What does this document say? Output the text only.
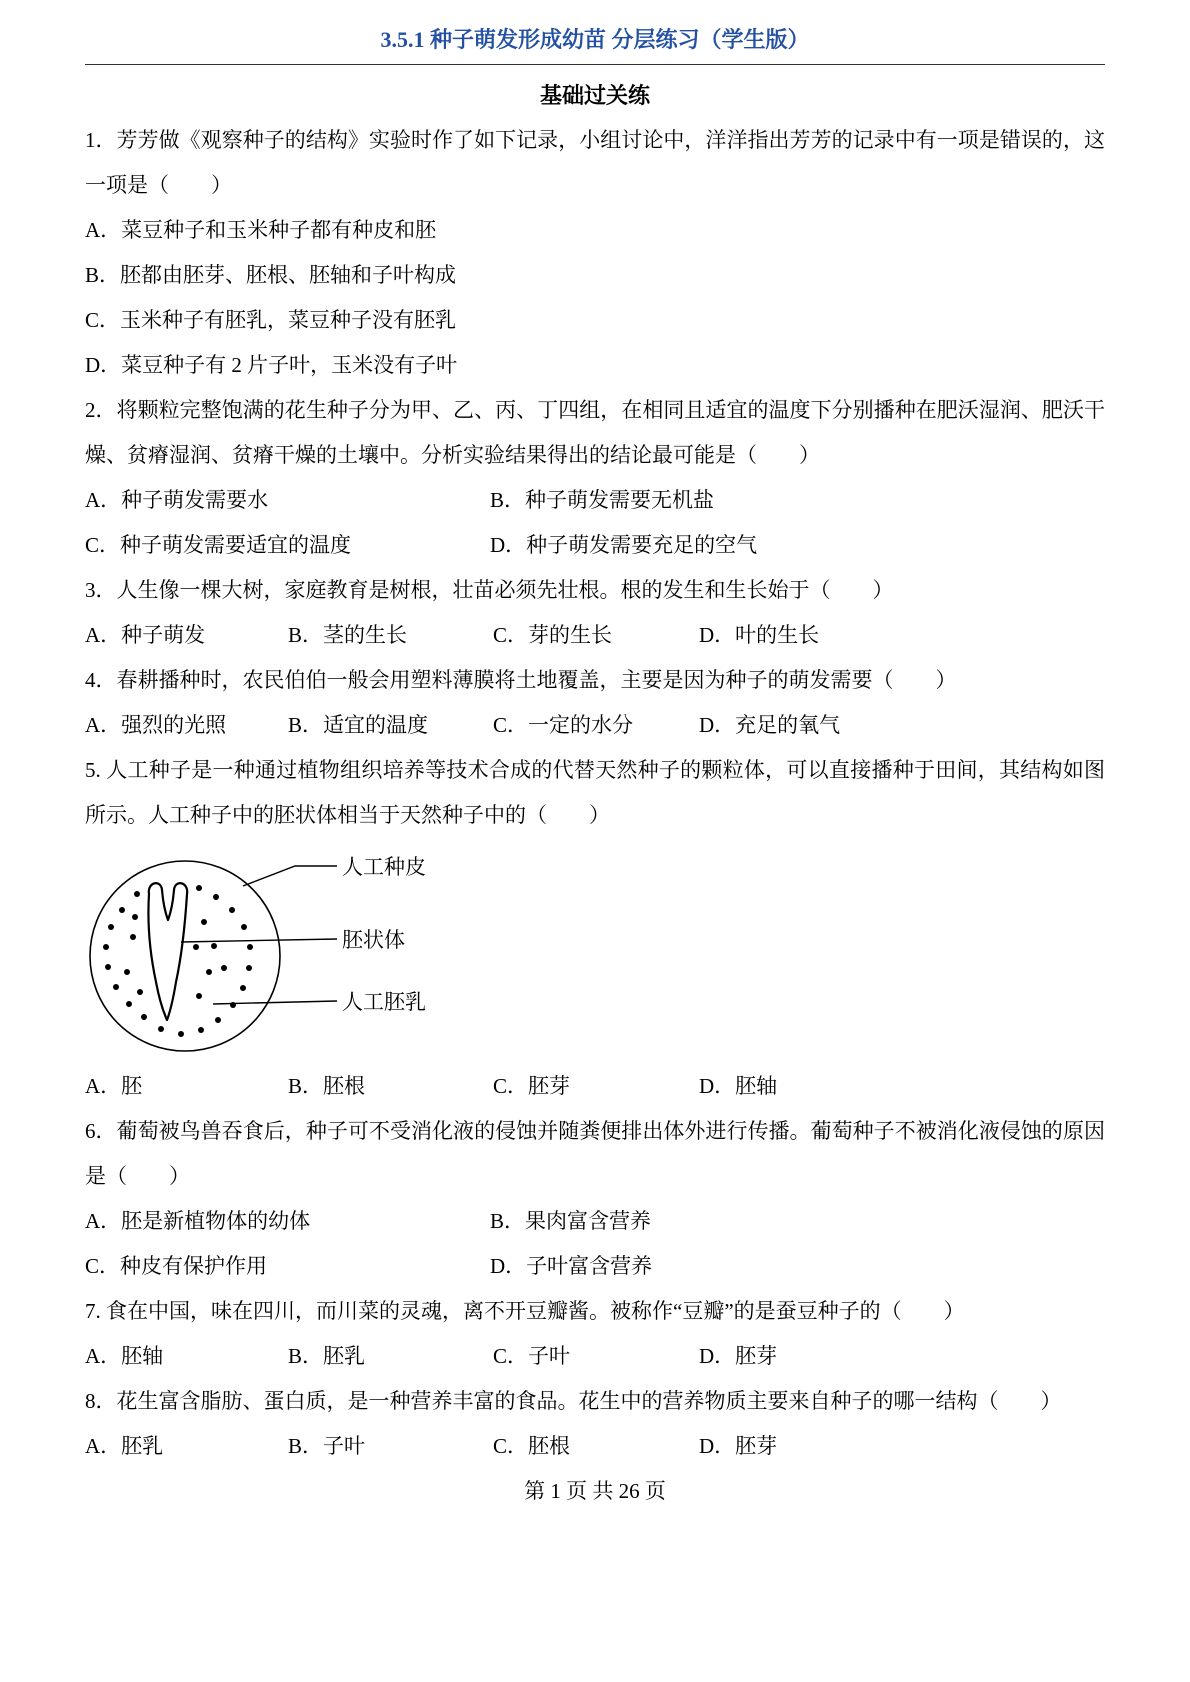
3.5.1 种子萌发形成幼苗 分层练习（学生版）
基础过关练

1．芳芳做《观察种子的结构》实验时作了如下记录，小组讨论中，洋洋指出芳芳的记录中有一项是错误的，这一项是（　　）

A．菜豆种子和玉米种子都有种皮和胚

B．胚都由胚芽、胚根、胚轴和子叶构成

C．玉米种子有胚乳，菜豆种子没有胚乳

D．菜豆种子有 2 片子叶，玉米没有子叶

2．将颗粒完整饱满的花生种子分为甲、乙、丙、丁四组，在相同且适宜的温度下分别播种在肥沃湿润、肥沃干燥、贫瘠湿润、贫瘠干燥的土壤中。分析实验结果得出的结论最可能是（　　）

A．种子萌发需要水	B．种子萌发需要无机盐
C．种子萌发需要适宜的温度	D．种子萌发需要充足的空气

3．人生像一棵大树，家庭教育是树根，壮苗必须先壮根。根的发生和生长始于（　　）

A．种子萌发	B．茎的生长	C．芽的生长	D．叶的生长

4．春耕播种时，农民伯伯一般会用塑料薄膜将土地覆盖，主要是因为种子的萌发需要（　　）

A．强烈的光照	B．适宜的温度	C．一定的水分	D．充足的氧气

5. 人工种子是一种通过植物组织培养等技术合成的代替天然种子的颗粒体，可以直接播种于田间，其结构如图所示。人工种子中的胚状体相当于天然种子中的（　　）

人工种皮
胚状体
人工胚乳
A．胚	B．胚根	C．胚芽	D．胚轴

6．葡萄被鸟兽吞食后，种子可不受消化液的侵蚀并随粪便排出体外进行传播。葡萄种子不被消化液侵蚀的原因是（　　）

A．胚是新植物体的幼体	B．果肉富含营养
C．种皮有保护作用	D．子叶富含营养

7. 食在中国，味在四川，而川菜的灵魂，离不开豆瓣酱。被称作“豆瓣”的是蚕豆种子的（　　）

A．胚轴	B．胚乳	C．子叶	D．胚芽

8．花生富含脂肪、蛋白质，是一种营养丰富的食品。花生中的营养物质主要来自种子的哪一结构（　　）

A．胚乳	B．子叶	C．胚根	D．胚芽

第 1 页 共 26 页
